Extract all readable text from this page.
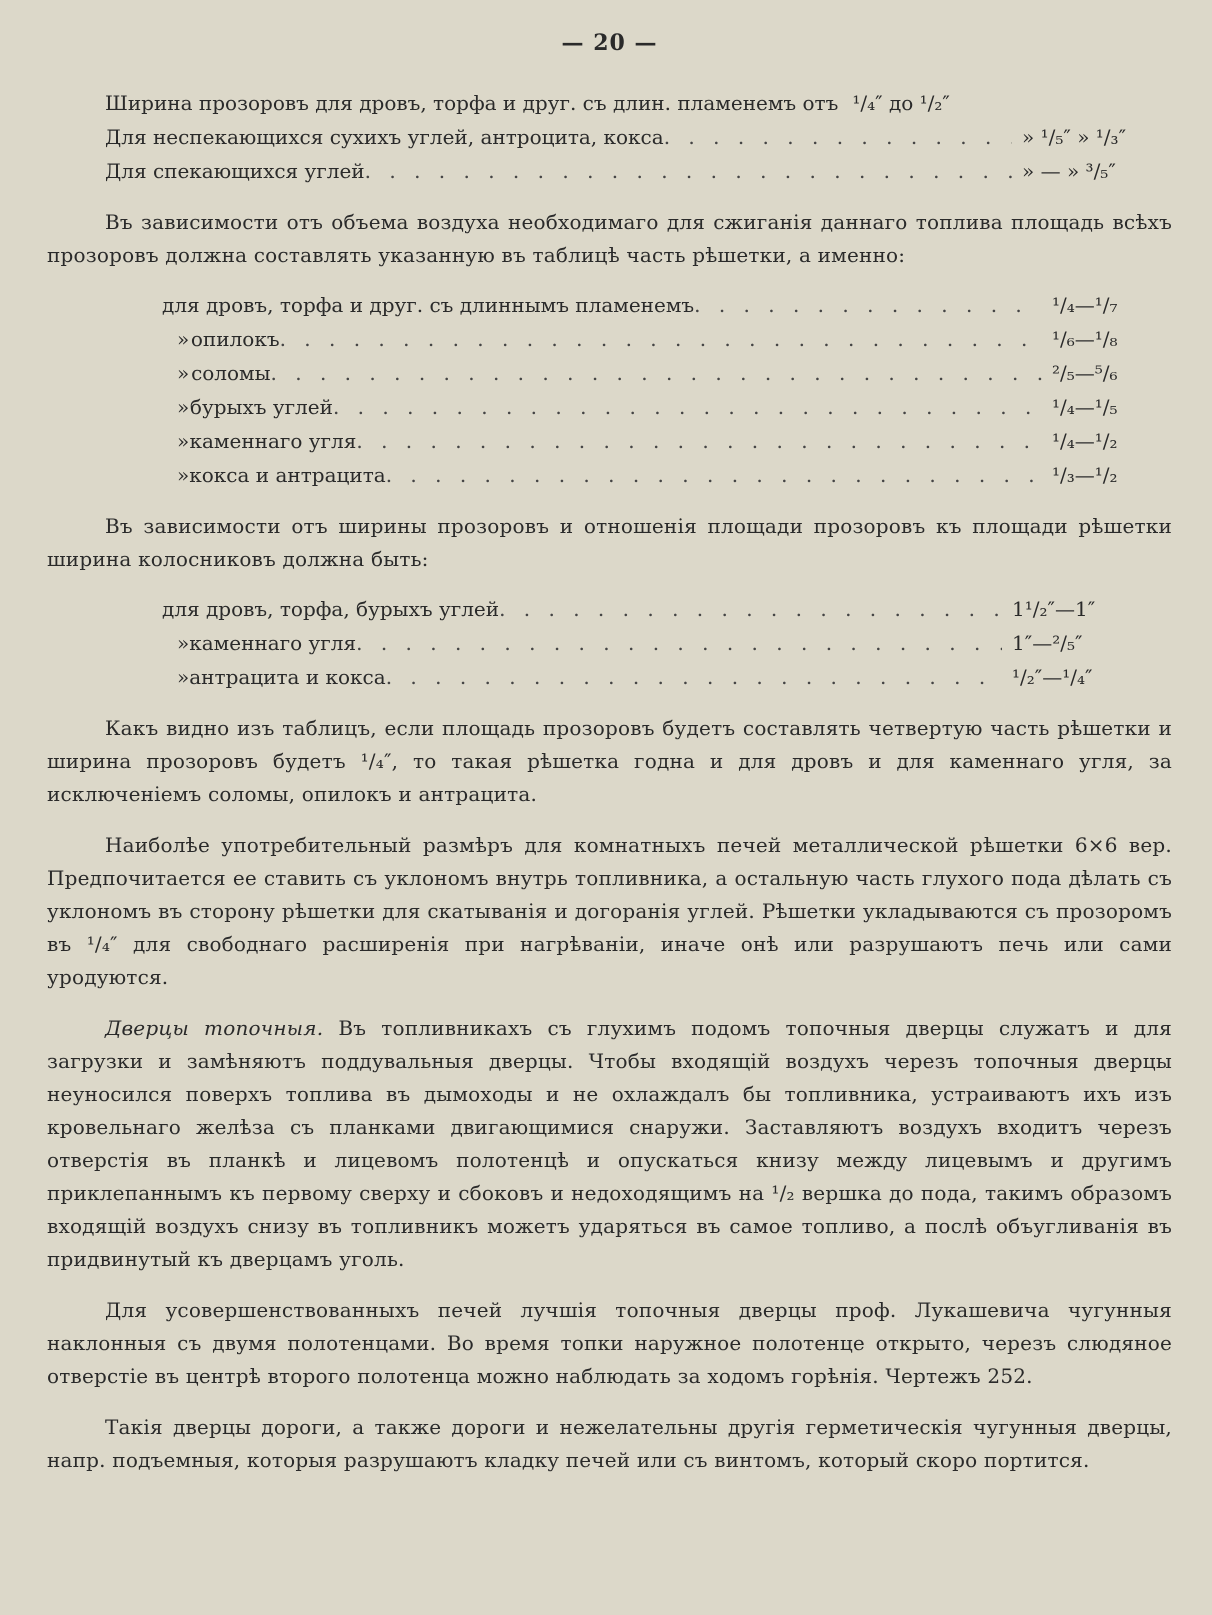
— 20 —
Ширина прозоровъ для дровъ, торфа и друг. съ длин. пламенемъ отъ ¹/₄″ до ¹/₂″
Для неспекающихся сухихъ углей, антроцита, кокса . . .	» ¹/₅″ » ¹/₃″
Для спекающихся углей . . .	» — » ³/₅″

Въ зависимости отъ объема воздуха необходимаго для сжиганія даннаго топлива площадь всѣхъ прозоровъ должна составлять указанную въ таблицѣ часть рѣшетки, а именно:

для дровъ, торфа и друг. съ длиннымъ пламенемъ . . .	¹/₄—¹/₇
» опилокъ . . .	¹/₆—¹/₈
» соломы . . .	²/₅—⁵/₆
» бурыхъ углей . . .	¹/₄—¹/₅
» каменнаго угля . . .	¹/₄—¹/₂
» кокса и антрацита . . .	¹/₃—¹/₂

Въ зависимости отъ ширины прозоровъ и отношенія площади прозоровъ къ площади рѣшетки ширина колосниковъ должна быть:

для дровъ, торфа, бурыхъ углей . . .	1¹/₂″—1″
» каменнаго угля . . .	1″—²/₅″
» антрацита и кокса . . .	¹/₂″—¹/₄″

Какъ видно изъ таблицъ, если площадь прозоровъ будетъ составлять четвертую часть рѣшетки и ширина прозоровъ будетъ ¹/₄″, то такая рѣшетка годна и для дровъ и для каменнаго угля, за исключеніемъ соломы, опилокъ и антрацита.

Наиболѣе употребительный размѣръ для комнатныхъ печей металлической рѣшетки 6×6 вер. Предпочитается ее ставить съ уклономъ внутрь топливника, а остальную часть глухого пода дѣлать съ уклономъ въ сторону рѣшетки для скатыванія и догоранія углей. Рѣшетки укладываются съ прозоромъ въ ¹/₄″ для свободнаго расширенія при нагрѣваніи, иначе онѣ или разрушаютъ печь или сами уродуются.

Дверцы топочныя. Въ топливникахъ съ глухимъ подомъ топочныя дверцы служатъ и для загрузки и замѣняютъ поддувальныя дверцы. Чтобы входящій воздухъ черезъ топочныя дверцы неуносился поверхъ топлива въ дымоходы и не охлаждалъ бы топливника, устраиваютъ ихъ изъ кровельнаго желѣза съ планками двигающимися снаружи. Заставляютъ воздухъ входитъ черезъ отверстія въ планкѣ и лицевомъ полотенцѣ и опускаться книзу между лицевымъ и другимъ приклепаннымъ къ первому сверху и сбоковъ и недоходящимъ на ¹/₂ вершка до пода, такимъ образомъ входящій воздухъ снизу въ топливникъ можетъ ударяться въ самое топливо, а послѣ объугливанія въ придвинутый къ дверцамъ уголь.

Для усовершенствованныхъ печей лучшія топочныя дверцы проф. Лукашевича чугунныя наклонныя съ двумя полотенцами. Во время топки наружное полотенце открыто, черезъ слюдяное отверстіе въ центрѣ второго полотенца можно наблюдать за ходомъ горѣнія. Чертежъ 252.

Такія дверцы дороги, а также дороги и нежелательны другія герметическія чугунныя дверцы, напр. подъемныя, которыя разрушаютъ кладку печей или съ винтомъ, который скоро портится.
